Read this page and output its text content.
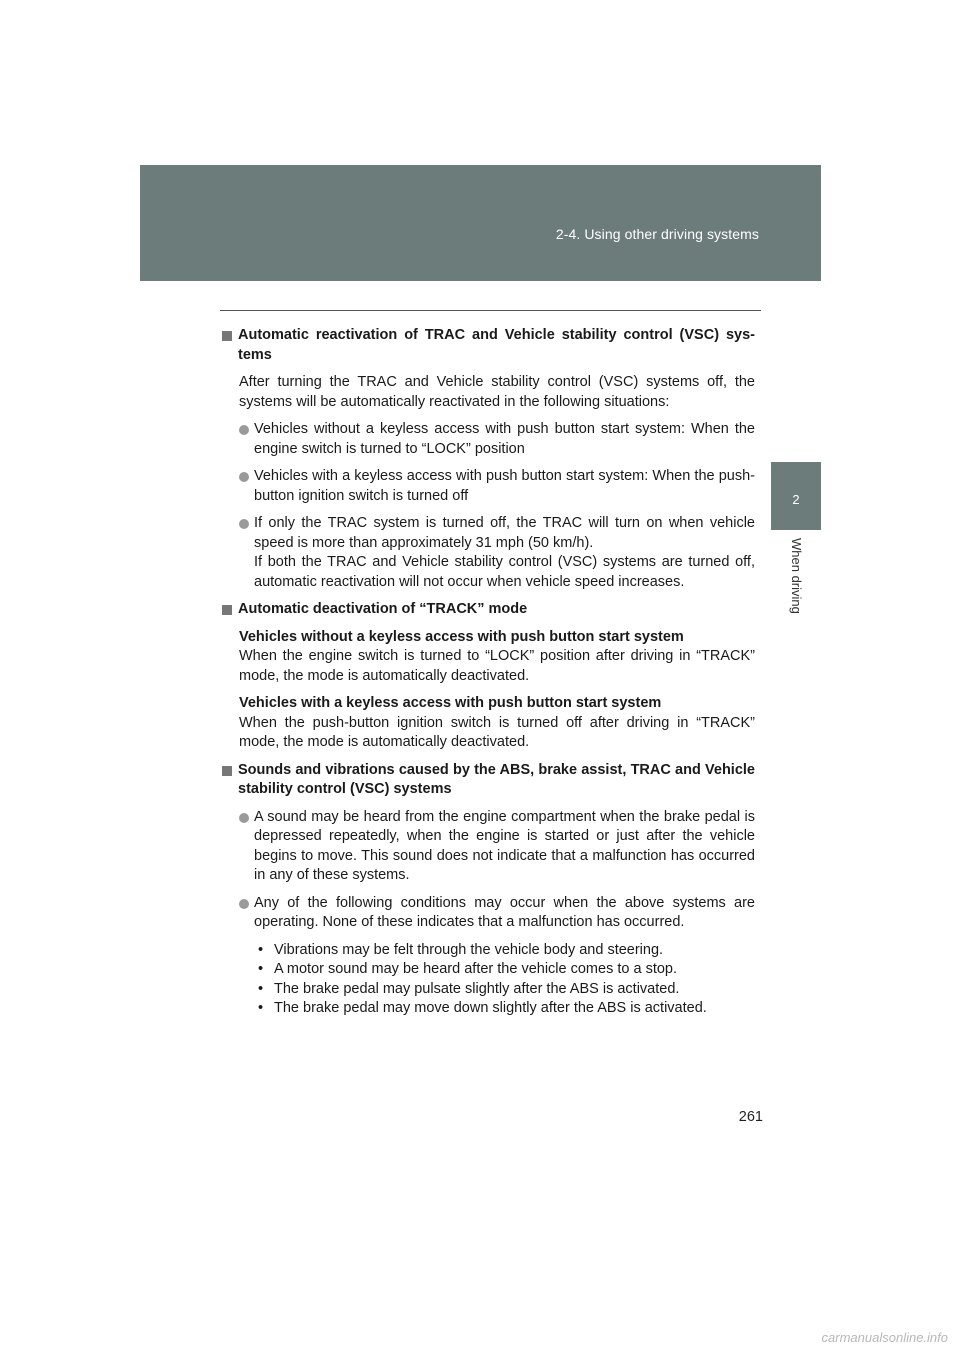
2-4. Using other driving systems
2
When driving
Automatic reactivation of TRAC and Vehicle stability control (VSC) sys-tems
After turning the TRAC and Vehicle stability control (VSC) systems off, the systems will be automatically reactivated in the following situations:
Vehicles without a keyless access with push button start system: When the engine switch is turned to “LOCK” position
Vehicles with a keyless access with push button start system: When the push-button ignition switch is turned off
If only the TRAC system is turned off, the TRAC will turn on when vehicle speed is more than approximately 31 mph (50 km/h).
If both the TRAC and Vehicle stability control (VSC) systems are turned off, automatic reactivation will not occur when vehicle speed increases.
Automatic deactivation of “TRACK” mode
Vehicles without a keyless access with push button start system
When the engine switch is turned to “LOCK” position after driving in “TRACK” mode, the mode is automatically deactivated.
Vehicles with a keyless access with push button start system
When the push-button ignition switch is turned off after driving in “TRACK” mode, the mode is automatically deactivated.
Sounds and vibrations caused by the ABS, brake assist, TRAC and Vehicle stability control (VSC) systems
A sound may be heard from the engine compartment when the brake pedal is depressed repeatedly, when the engine is started or just after the vehicle begins to move. This sound does not indicate that a malfunction has occurred in any of these systems.
Any of the following conditions may occur when the above systems are operating. None of these indicates that a malfunction has occurred.
• Vibrations may be felt through the vehicle body and steering.
• A motor sound may be heard after the vehicle comes to a stop.
• The brake pedal may pulsate slightly after the ABS is activated.
• The brake pedal may move down slightly after the ABS is activated.
261
carmanualsonline.info
